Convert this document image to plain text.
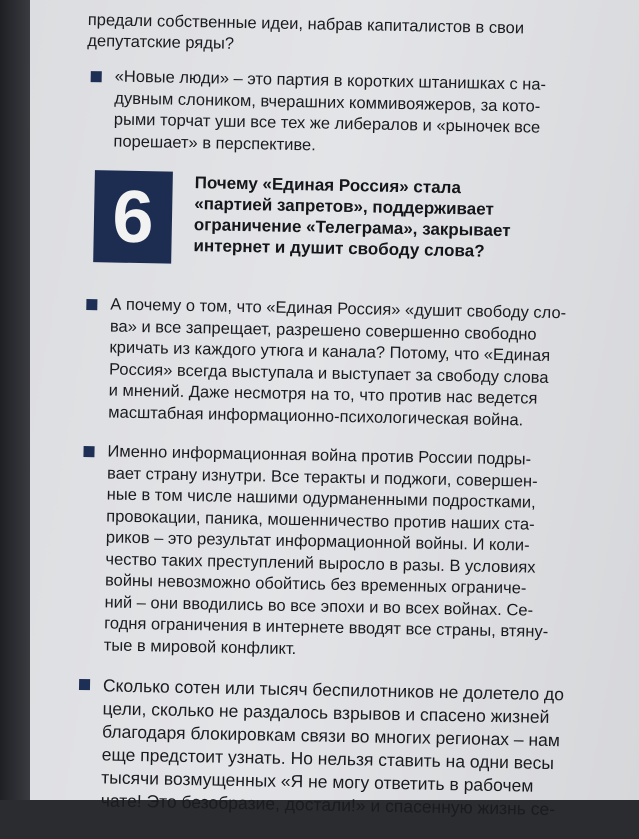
предали собственные идеи, набрав капиталистов в свои
депутатские ряды?
«Новые люди» – это партия в коротких штанишках с на-
дувным слоником, вчерашних коммивояжеров, за кото-
рыми торчат уши все тех же либералов и «рыночек все
порешает» в перспективе.
6	Почему «Единая Россия» стала
«партией запретов», поддерживает
ограничение «Телеграма», закрывает
интернет и душит свободу слова?
А почему о том, что «Единая Россия» «душит свободу сло-
ва» и все запрещает, разрешено совершенно свободно
кричать из каждого утюга и канала? Потому, что «Единая
Россия» всегда выступала и выступает за свободу слова
и мнений. Даже несмотря на то, что против нас ведется
масштабная информационно-психологическая война.
Именно информационная война против России подры-
вает страну изнутри. Все теракты и поджоги, совершен-
ные в том числе нашими одурманенными подростками,
провокации, паника, мошенничество против наших ста-
риков – это результат информационной войны. И коли-
чество таких преступлений выросло в разы. В условиях
войны невозможно обойтись без временных ограниче-
ний – они вводились во все эпохи и во всех войнах. Се-
годня ограничения в интернете вводят все страны, втяну-
тые в мировой конфликт.
Сколько сотен или тысяч беспилотников не долетело до
цели, сколько не раздалось взрывов и спасено жизней
благодаря блокировкам связи во многих регионах – нам
еще предстоит узнать. Но нельзя ставить на одни весы
тысячи возмущенных «Я не могу ответить в рабочем
чате! Это безобразие, достали!» и спасенную жизнь се-
